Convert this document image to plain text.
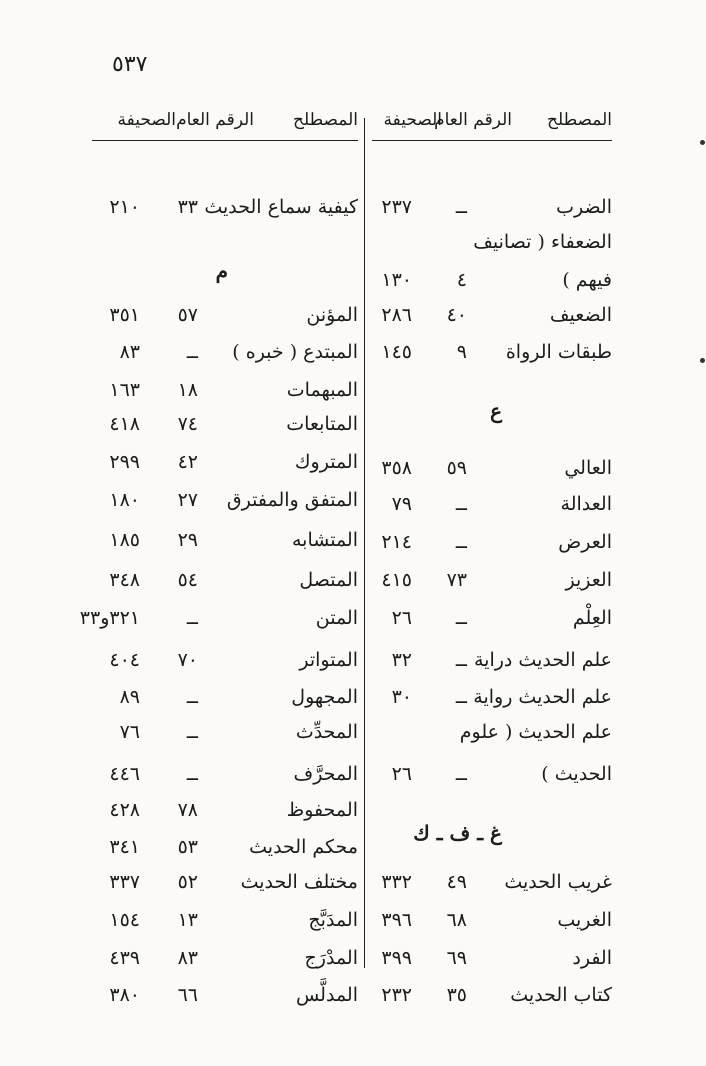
٥٣٧
المصطلح
الرقم العام
الصحيفة
الضرب
ــ
٢٣٧
الضعفاء ( تصانيف
فيهم )
٤
١٣٠
الضعيف
٤٠
٢٨٦
طبقات الرواة
٩
١٤٥
ع
العالي
٥٩
٣٥٨
العدالة
ــ
٧٩
العرض
ــ
٢١٤
العزيز
٧٣
٤١٥
العِلْم
ــ
٢٦
علم الحديث دراية
ــ
٣٢
علم الحديث رواية
ــ
٣٠
علم الحديث ( علوم
الحديث )
ــ
٢٦
غ ـ ف ـ ك
غريب الحديث
٤٩
٣٣٢
الغريب
٦٨
٣٩٦
الفرد
٦٩
٣٩٩
كتاب الحديث
٣٥
٢٣٢
المصطلح
الرقم العام
الصحيفة
كيفية سماع الحديث
٣٣
٢١٠
م
المؤنن
٥٧
٣٥١
المبتدع ( خبره )
ــ
٨٣
المبهمات
١٨
١٦٣
المتابعات
٧٤
٤١٨
المتروك
٤٢
٢٩٩
المتفق والمفترق
٢٧
١٨٠
المتشابه
٢٩
١٨٥
المتصل
٥٤
٣٤٨
المتن
ــ
٣٢١و٣٣
المتواتر
٧٠
٤٠٤
المجهول
ــ
٨٩
المحدِّث
ــ
٧٦
المحرَّف
ــ
٤٤٦
المحفوظ
٧٨
٤٢٨
محكم الحديث
٥٣
٣٤١
مختلف الحديث
٥٢
٣٣٧
المدَبَّج
١٣
١٥٤
المدْرَج
٨٣
٤٣٩
المدلَّس
٦٦
٣٨٠
